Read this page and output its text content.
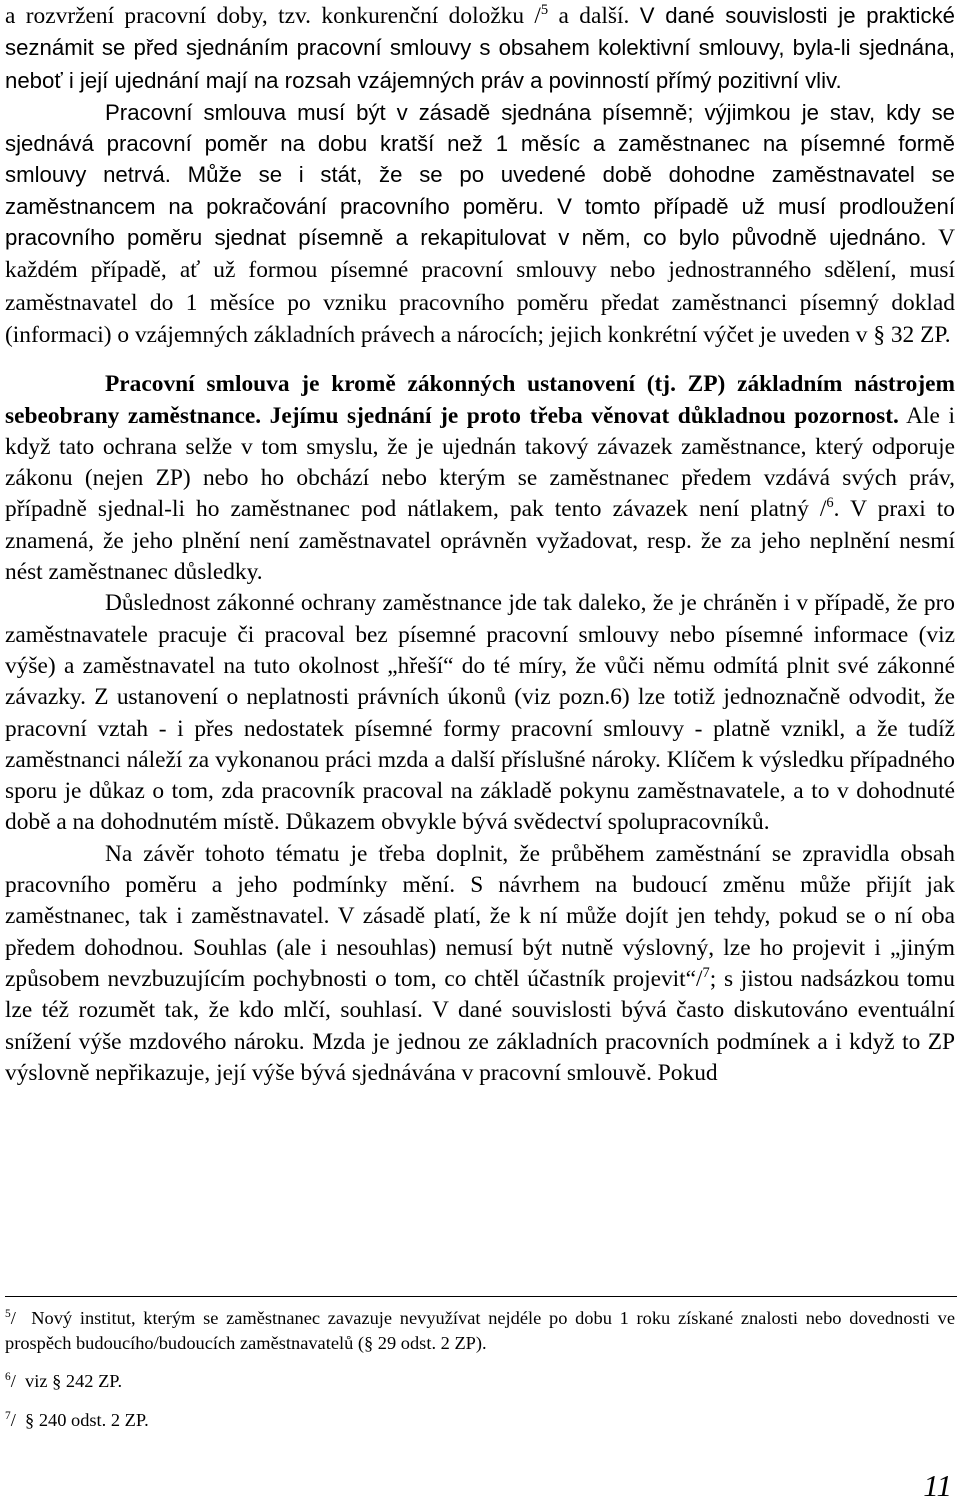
a rozvržení pracovní doby, tzv. konkurenční doložku /$^5$ a další. V dané souvislosti je praktické seznámit se před sjednáním pracovní smlouvy s obsahem kolektivní smlouvy, byla-li sjednána, neboť i její ujednání mají na rozsah vzájemných práv a povinností přímý pozitivní vliv.

Pracovní smlouva musí být v zásadě sjednána písemně; výjimkou je stav, kdy se sjednává pracovní poměr na dobu kratší než 1 měsíc a zaměstnanec na písemné formě smlouvy netrvá. Může se i stát, že se po uvedené době dohodne zaměstnavatel se zaměstnancem na pokračování pracovního poměru. V tomto případě už musí prodloužení pracovního poměru sjednat písemně a rekapitulovat v něm, co bylo původně ujednáno. V každém případě, ať už formou písemné pracovní smlouvy nebo jednostranného sdělení, musí zaměstnavatel do 1 měsíce po vzniku pracovního poměru předat zaměstnanci písemný doklad (informaci) o vzájemných základních právech a nárocích; jejich konkrétní výčet je uveden v § 32 ZP.

Pracovní smlouva je kromě zákonných ustanovení (tj. ZP) základním nástrojem sebeobrany zaměstnance. Jejímu sjednání je proto třeba věnovat důkladnou pozornost. Ale i když tato ochrana selže v tom smyslu, že je ujednán takový závazek zaměstnance, který odporuje zákonu (nejen ZP) nebo ho obchází nebo kterým se zaměstnanec předem vzdává svých práv, případně sjednal-li ho zaměstnanec pod nátlakem, pak tento závazek není platný /$^6$. V praxi to znamená, že jeho plnění není zaměstnavatel oprávněn vyžadovat, resp. že za jeho neplnění nesmí nést zaměstnanec důsledky.

Důslednost zákonné ochrany zaměstnance jde tak daleko, že je chráněn i v případě, že pro zaměstnavatele pracuje či pracoval bez písemné pracovní smlouvy nebo písemné informace (viz výše) a zaměstnavatel na tuto okolnost „hřeší“ do té míry, že vůči němu odmítá plnit své zákonné závazky. Z ustanovení o neplatnosti právních úkonů (viz pozn.6) lze totiž jednoznačně odvodit, že pracovní vztah - i přes nedostatek písemné formy pracovní smlouvy - platně vznikl, a že tudíž zaměstnanci náleží za vykonanou práci mzda a další příslušné nároky. Klíčem k výsledku případného sporu je důkaz o tom, zda pracovník pracoval na základě pokynu zaměstnavatele, a to v dohodnuté době a na dohodnutém místě. Důkazem obvykle bývá svědectví spolupracovníků.

Na závěr tohoto tématu je třeba doplnit, že průběhem zaměstnání se zpravidla obsah pracovního poměru a jeho podmínky mění. S návrhem na budoucí změnu může přijít jak zaměstnanec, tak i zaměstnavatel. V zásadě platí, že k ní může dojít jen tehdy, pokud se o ní oba předem dohodnou. Souhlas (ale i nesouhlas) nemusí být nutně výslovný, lze ho projevit i „jiným způsobem nevzbuzujícím pochybnosti o tom, co chtěl účastník projevit“/$^7$; s jistou nadsázkou tomu lze též rozumět tak, že kdo mlčí, souhlasí. V dané souvislosti bývá často diskutováno eventuální snížení výše mzdového nároku. Mzda je jednou ze základních pracovních podmínek a i když to ZP výslovně nepřikazuje, její výše bývá sjednávána v pracovní smlouvě. Pokud

$^5$/ Nový institut, kterým se zaměstnanec zavazuje nevyužívat nejdéle po dobu 1 roku získané znalosti nebo dovednosti ve prospěch budoucího/budoucích zaměstnavatelů (§ 29 odst. 2 ZP).

$^6$/ viz § 242 ZP.

$^7$/ § 240 odst. 2 ZP.

11
